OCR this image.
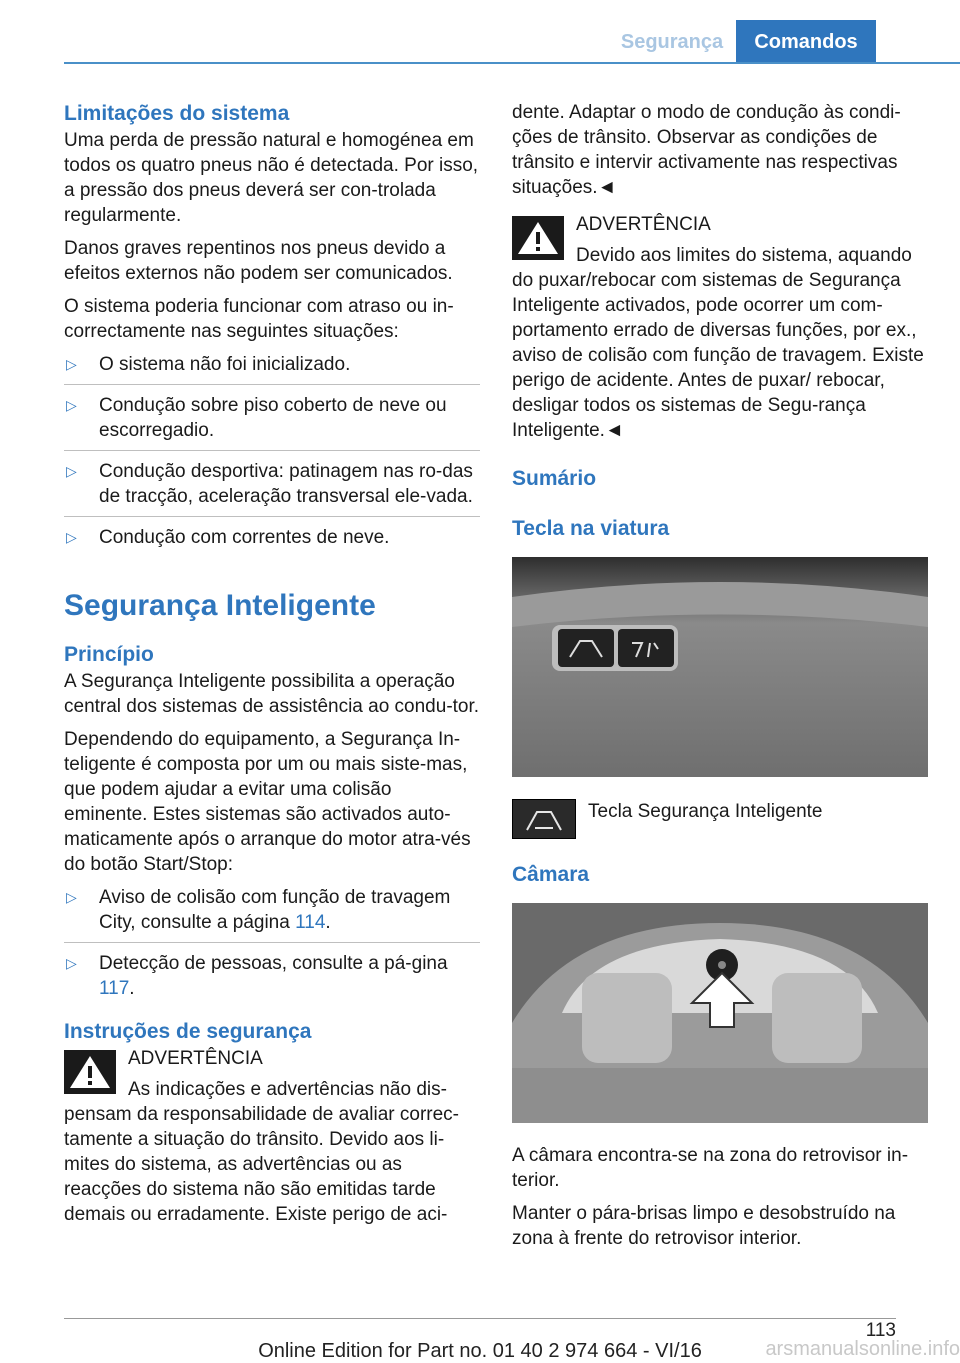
Segurança	Comandos
Limitações do sistema

Uma perda de pressão natural e homogénea em todos os quatro pneus não é detectada. Por isso, a pressão dos pneus deverá ser con-trolada regularmente.

Danos graves repentinos nos pneus devido a efeitos externos não podem ser comunicados.

O sistema poderia funcionar com atraso ou in-correctamente nas seguintes situações:

▷ O sistema não foi inicializado.
▷ Condução sobre piso coberto de neve ou escorregadio.
▷ Condução desportiva: patinagem nas ro-das de tracção, aceleração transversal ele-vada.
▷ Condução com correntes de neve.
Segurança Inteligente
Princípio

A Segurança Inteligente possibilita a operação central dos sistemas de assistência ao condu-tor.

Dependendo do equipamento, a Segurança In-teligente é composta por um ou mais siste-mas, que podem ajudar a evitar uma colisão eminente. Estes sistemas são activados auto-maticamente após o arranque do motor atra-vés do botão Start/Stop:

▷ Aviso de colisão com função de travagem City, consulte a página 114.
▷ Detecção de pessoas, consulte a pá-gina 117.
Instruções de segurança

ADVERTÊNCIA

As indicações e advertências não dis-pensam da responsabilidade de avaliar correc-tamente a situação do trânsito. Devido aos li-mites do sistema, as advertências ou as reacções do sistema não são emitidas tarde demais ou erradamente. Existe perigo de aci-

dente. Adaptar o modo de condução às condi-ções de trânsito. Observar as condições de trânsito e intervir activamente nas respectivas situações.◄

ADVERTÊNCIA

Devido aos limites do sistema, aquando do puxar/rebocar com sistemas de Segurança Inteligente activados, pode ocorrer um com-portamento errado de diversas funções, por ex., aviso de colisão com função de travagem. Existe perigo de acidente. Antes de puxar/ rebocar, desligar todos os sistemas de Segu-rança Inteligente.◄

Sumário
Tecla na viatura

Tecla Segurança Inteligente

Câmara

A câmara encontra-se na zona do retrovisor in-terior.

Manter o pára-brisas limpo e desobstruído na zona à frente do retrovisor interior.

113
Online Edition for Part no. 01 40 2 974 664 - VI/16	arsmanualsonline.info
